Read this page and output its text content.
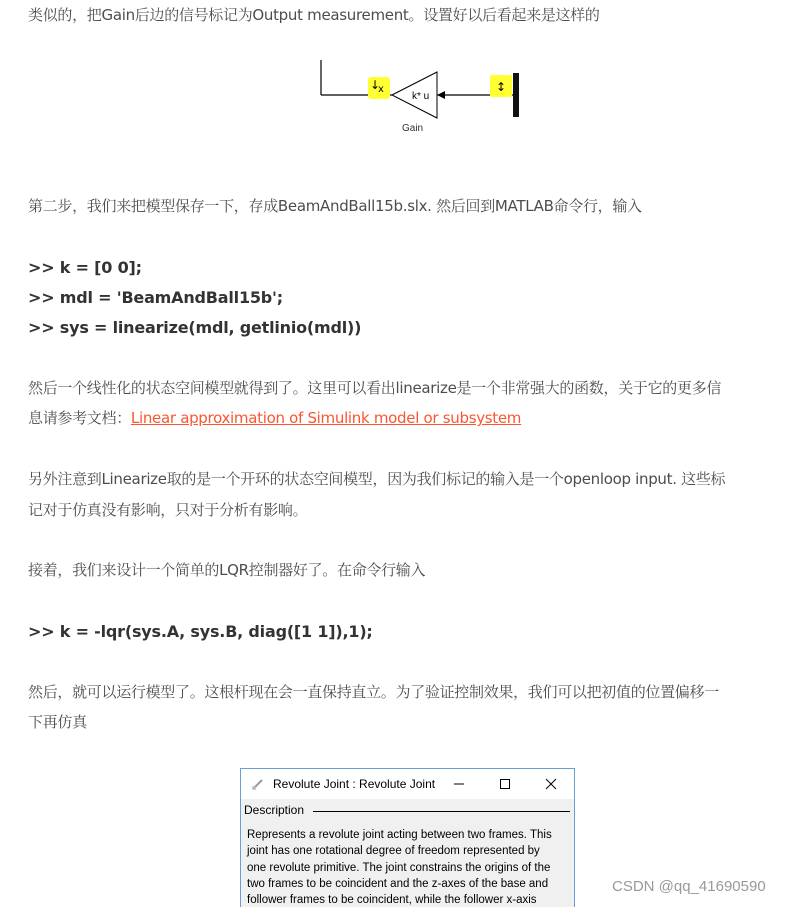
类似的，把Gain后边的信号标记为Output measurement。设置好以后看起来是这样的
↓
x
k* u
↕
Gain
第二步，我们来把模型保存一下，存成BeamAndBall15b.slx. 然后回到MATLAB命令行，输入
>> k = [0 0];
>> mdl = 'BeamAndBall15b';
>> sys = linearize(mdl, getlinio(mdl))
然后一个线性化的状态空间模型就得到了。这里可以看出linearize是一个非常强大的函数，关于它的更多信
息请参考文档：Linear approximation of Simulink model or subsystem
另外注意到Linearize取的是一个开环的状态空间模型，因为我们标记的输入是一个openloop input. 这些标
记对于仿真没有影响，只对于分析有影响。
接着，我们来设计一个简单的LQR控制器好了。在命令行输入
>> k = -lqr(sys.A, sys.B, diag([1 1]),1);
然后，就可以运行模型了。这根杆现在会一直保持直立。为了验证控制效果，我们可以把初值的位置偏移一
下再仿真
Revolute Joint : Revolute Joint
Description
Represents a revolute joint acting between two frames. This
joint has one rotational degree of freedom represented by
one revolute primitive. The joint constrains the origins of the
two frames to be coincident and the z-axes of the base and
follower frames to be coincident, while the follower x-axis
CSDN @qq_41690590
